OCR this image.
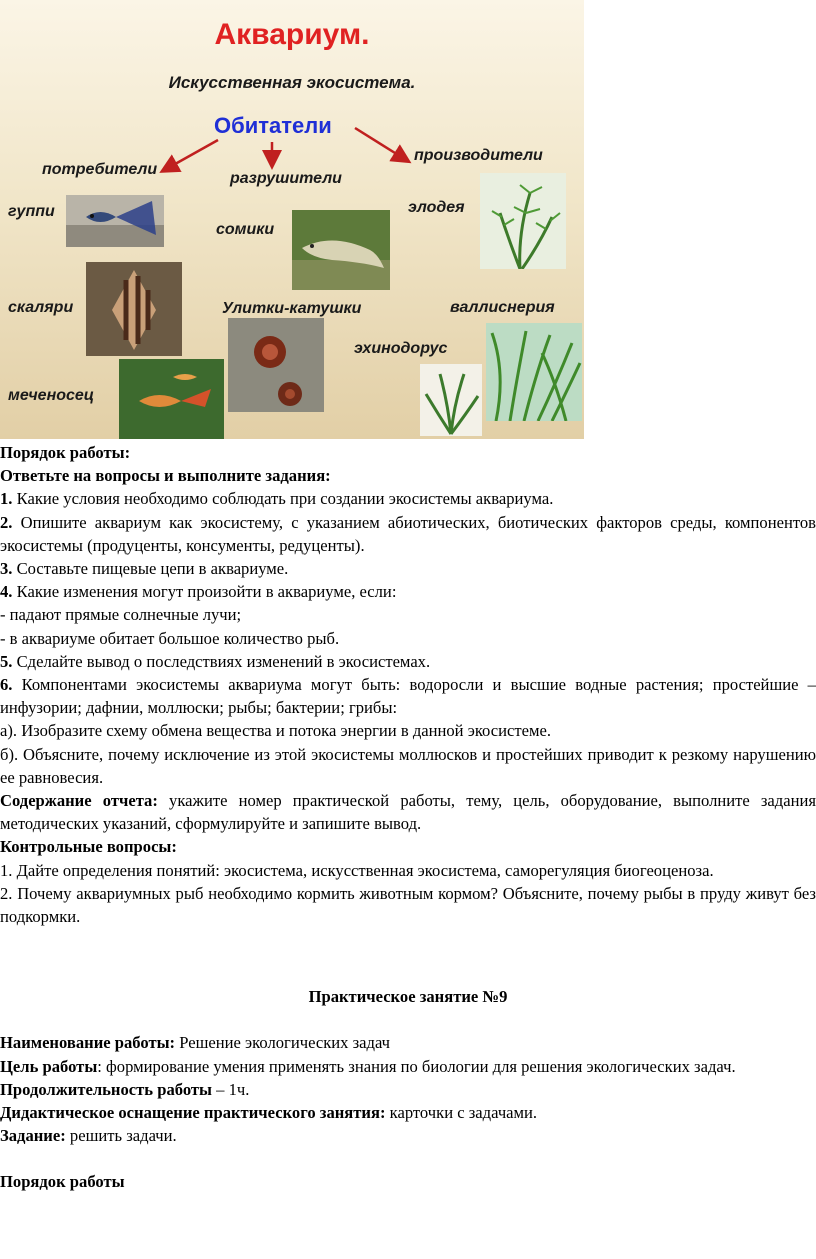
Аквариум.
Искусственная экосистема.
Обитатели
потребители
разрушители
производители
гуппи
сомики
элодея
скаляри	Улитки-катушки	валлиснерия
эхинодорус
меченосец

Порядок работы:

Ответьте на вопросы и выполните задания:

1. Какие условия необходимо соблюдать при создании экосистемы аквариума.

2. Опишите аквариум как экосистему, с указанием абиотических, биотических факторов среды, компонентов экосистемы (продуценты, консументы, редуценты).

3. Составьте пищевые цепи в аквариуме.

4. Какие изменения могут произойти в аквариуме, если:

- падают прямые солнечные лучи;

- в аквариуме обитает большое количество рыб.

5. Сделайте вывод о последствиях изменений в экосистемах.

6. Компонентами экосистемы аквариума могут быть: водоросли и высшие водные растения; простейшие – инфузории; дафнии, моллюски; рыбы; бактерии; грибы:

а). Изобразите схему обмена вещества и потока энергии в данной экосистеме.

б). Объясните, почему исключение из этой экосистемы моллюсков и простейших приводит к резкому нарушению ее равновесия.

Содержание отчета: укажите номер практической работы, тему, цель, оборудование, выполните задания методических указаний, сформулируйте и запишите вывод.

Контрольные вопросы:

1. Дайте определения понятий: экосистема, искусственная экосистема, саморегуляция биогеоценоза.

2. Почему аквариумных рыб необходимо кормить животным кормом? Объясните, почему рыбы в пруду живут без подкормки.

Практическое занятие №9

Наименование работы: Решение экологических задач

Цель работы: формирование умения применять знания по биологии для решения экологических задач.

Продолжительность работы – 1ч.

Дидактическое оснащение практического занятия: карточки с задачами.

Задание: решить задачи.

Порядок работы
